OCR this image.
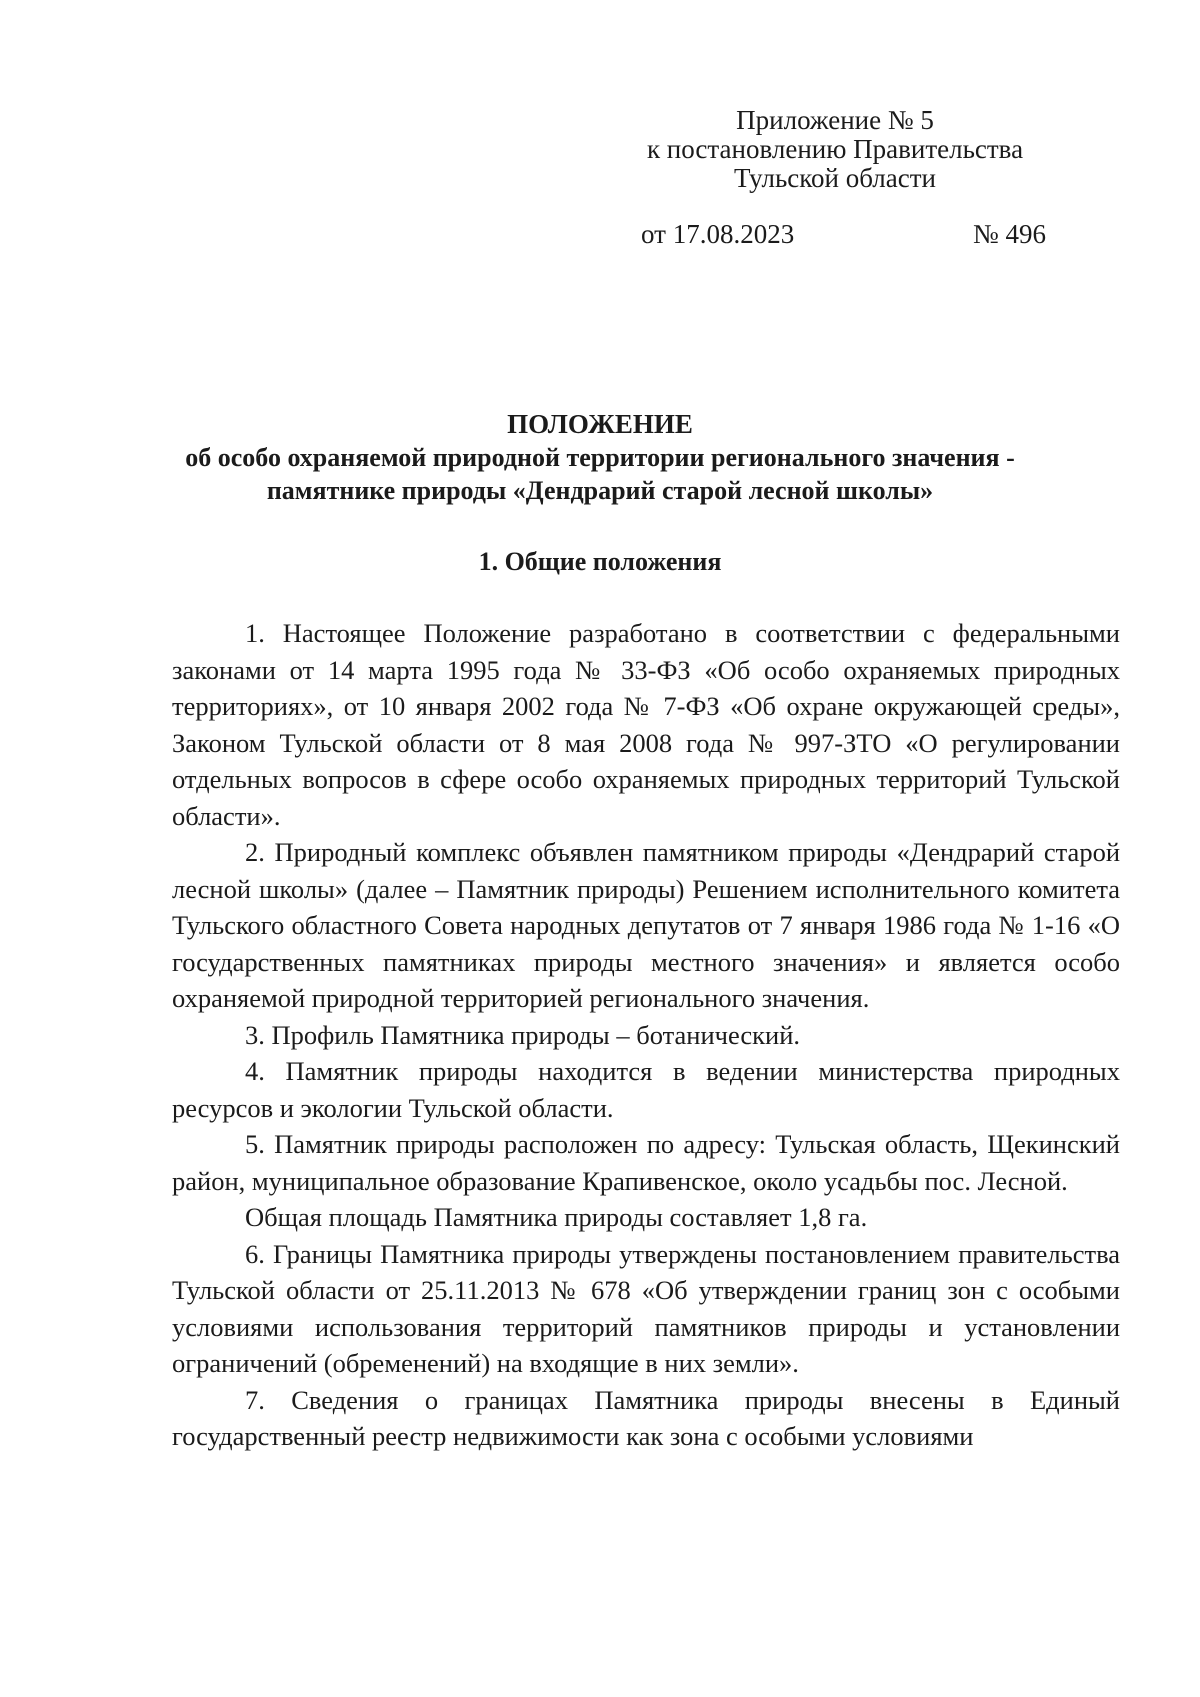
Приложение № 5
к постановлению Правительства
Тульской области
от 17.08.2023	№ 496
ПОЛОЖЕНИЕ
об особо охраняемой природной территории регионального значения -
памятнике природы «Дендрарий старой лесной школы»
1. Общие положения

1. Настоящее Положение разработано в соответствии с федеральными законами от 14 марта 1995 года № 33-ФЗ «Об особо охраняемых природных территориях», от 10 января 2002 года № 7-ФЗ «Об охране окружающей среды», Законом Тульской области от 8 мая 2008 года № 997-ЗТО «О регулировании отдельных вопросов в сфере особо охраняемых природных территорий Тульской области».

2. Природный комплекс объявлен памятником природы «Дендрарий старой лесной школы» (далее – Памятник природы) Решением исполнительного комитета Тульского областного Совета народных депутатов от 7 января 1986 года № 1-16 «О государственных памятниках природы местного значения» и является особо охраняемой природной территорией регионального значения.

3. Профиль Памятника природы – ботанический.

4. Памятник природы находится в ведении министерства природных ресурсов и экологии Тульской области.

5. Памятник природы расположен по адресу: Тульская область, Щекинский район, муниципальное образование Крапивенское, около усадьбы пос. Лесной.

Общая площадь Памятника природы составляет 1,8 га.

6. Границы Памятника природы утверждены постановлением правительства Тульской области от 25.11.2013 № 678 «Об утверждении границ зон с особыми условиями использования территорий памятников природы и установлении ограничений (обременений) на входящие в них земли».

7. Сведения о границах Памятника природы внесены в Единый государственный реестр недвижимости как зона с особыми условиями
